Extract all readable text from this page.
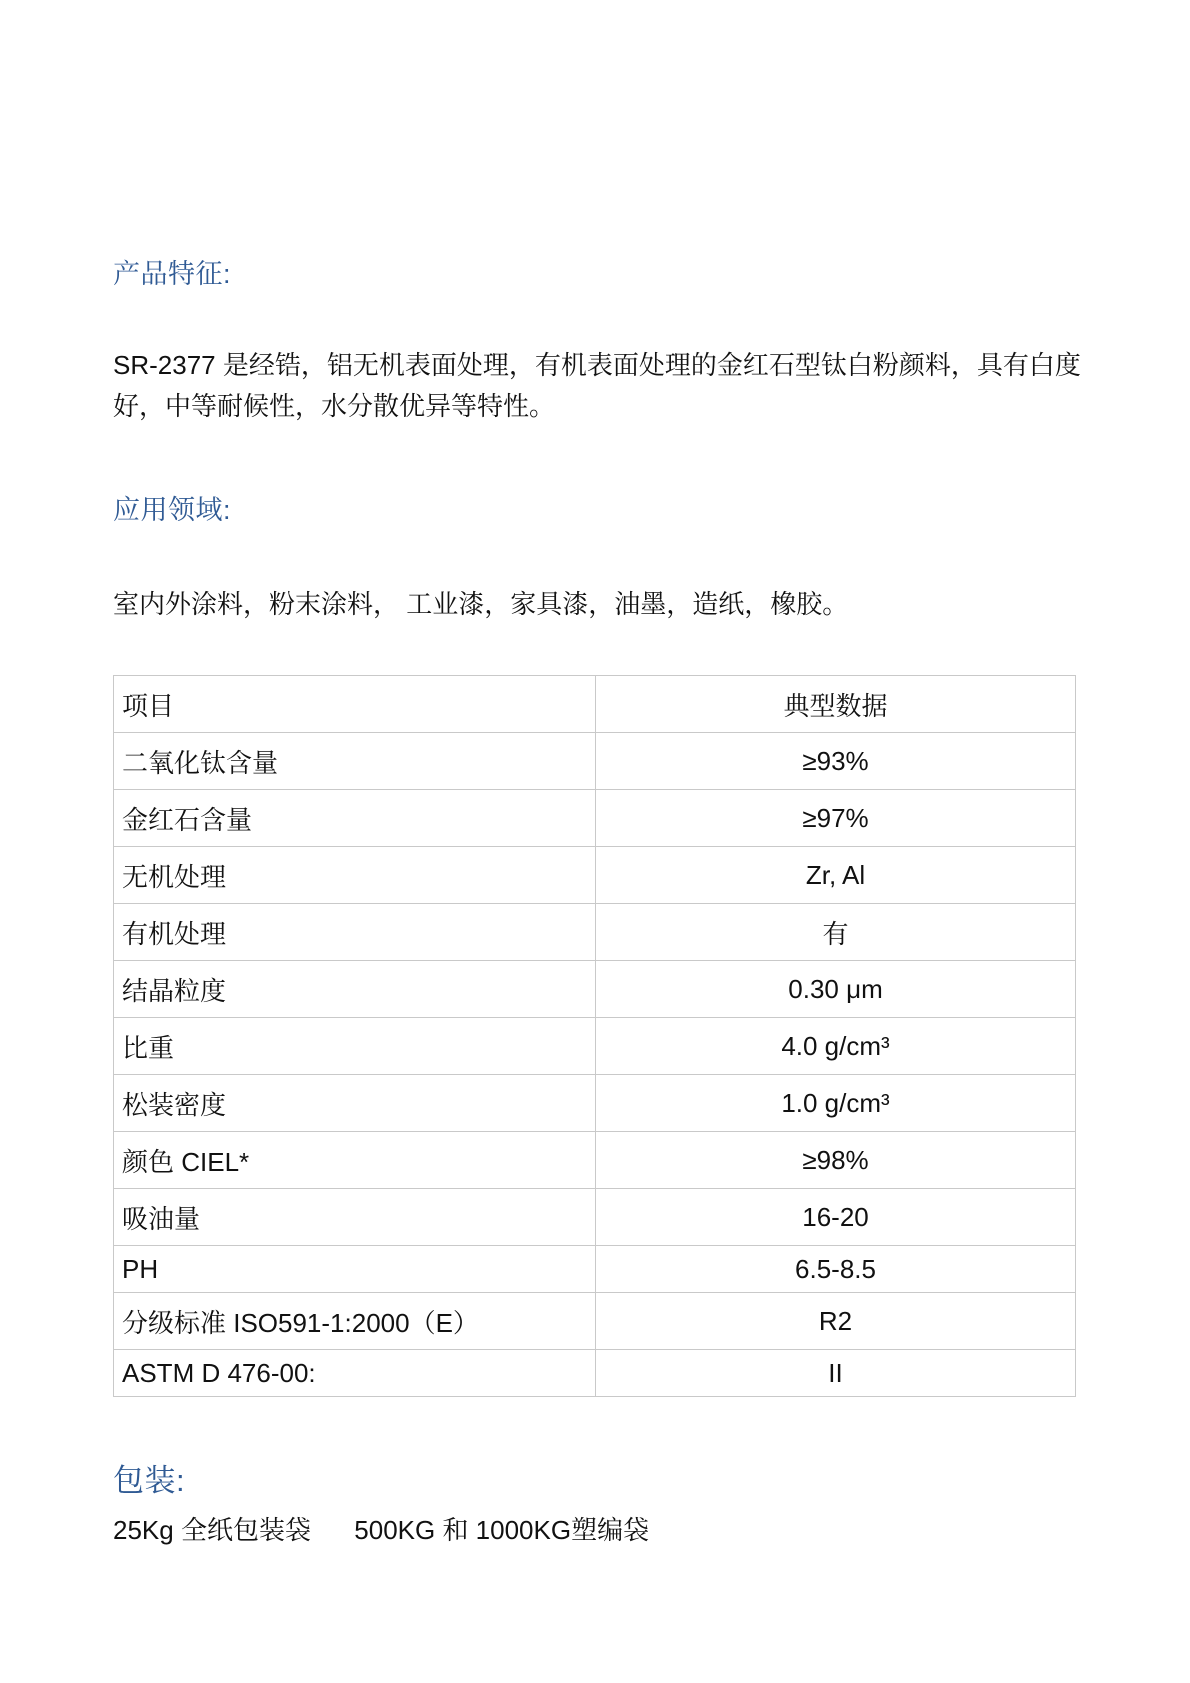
产品特征:
SR-2377 是经锆，铝无机表面处理，有机表面处理的金红石型钛白粉颜料，具有白度好，中等耐候性，水分散优异等特性。
应用领域:
室内外涂料，粉末涂料， 工业漆，家具漆，油墨，造纸，橡胶。
项目	典型数据
二氧化钛含量	≥93%
金红石含量	≥97%
无机处理	Zr, Al
有机处理	有
结晶粒度	0.30 μm
比重	4.0 g/cm³
松装密度	1.0 g/cm³
颜色 CIEL*	≥98%
吸油量	16-20
PH	6.5-8.5
分级标准 ISO591-1:2000（E）	R2
ASTM D 476-00:	II
包装:
25Kg 全纸包装袋      500KG 和 1000KG塑编袋
